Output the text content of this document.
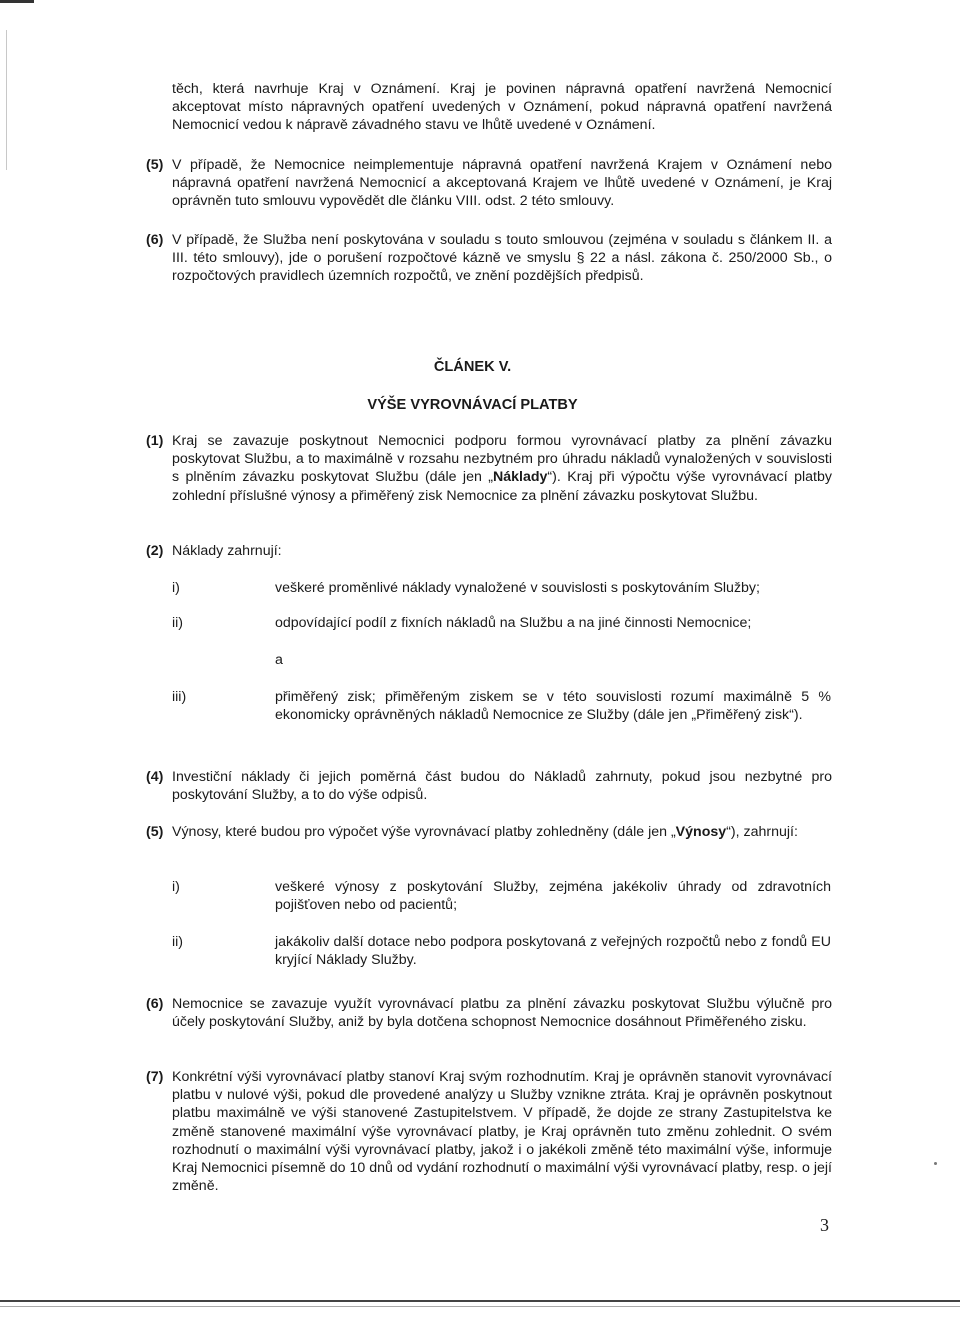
těch, která navrhuje Kraj v Oznámení. Kraj je povinen nápravná opatření navržená Nemocnicí akceptovat místo nápravných opatření uvedených v Oznámení, pokud nápravná opatření navržená Nemocnicí vedou k nápravě závadného stavu ve lhůtě uvedené v Oznámení.

(5) V případě, že Nemocnice neimplementuje nápravná opatření navržená Krajem v Oznámení nebo nápravná opatření navržená Nemocnicí a akceptovaná Krajem ve lhůtě uvedené v Oznámení, je Kraj oprávněn tuto smlouvu vypovědět dle článku VIII. odst. 2 této smlouvy.

(6) V případě, že Služba není poskytována v souladu s touto smlouvou (zejména v souladu s článkem II. a III. této smlouvy), jde o porušení rozpočtové kázně ve smyslu § 22 a násl. zákona č. 250/2000 Sb., o rozpočtových pravidlech územních rozpočtů, ve znění pozdějších předpisů.

ČLÁNEK V.
VÝŠE VYROVNÁVACÍ PLATBY
(1) Kraj se zavazuje poskytnout Nemocnici podporu formou vyrovnávací platby za plnění závazku poskytovat Službu, a to maximálně v rozsahu nezbytném pro úhradu nákladů vynaložených v souvislosti s plněním závazku poskytovat Službu (dále jen „Náklady“). Kraj při výpočtu výše vyrovnávací platby zohlední příslušné výnosy a přiměřený zisk Nemocnice za plnění závazku poskytovat Službu.

(2) Náklady zahrnují:

i)	veškeré proměnlivé náklady vynaložené v souvislosti s poskytováním Služby;
ii)	odpovídající podíl z fixních nákladů na Službu a na jiné činnosti Nemocnice;
a
iii)	přiměřený zisk; přiměřeným ziskem se v této souvislosti rozumí maximálně 5 % ekonomicky oprávněných nákladů Nemocnice ze Služby (dále jen „Přiměřený zisk“).
(4) Investiční náklady či jejich poměrná část budou do Nákladů zahrnuty, pokud jsou nezbytné pro poskytování Služby, a to do výše odpisů.

(5) Výnosy, které budou pro výpočet výše vyrovnávací platby zohledněny (dále jen „Výnosy“), zahrnují:

i)	veškeré výnosy z poskytování Služby, zejména jakékoliv úhrady od zdravotních pojišťoven nebo od pacientů;
ii)	jakákoliv další dotace nebo podpora poskytovaná z veřejných rozpočtů nebo z fondů EU kryjící Náklady Služby.
(6) Nemocnice se zavazuje využít vyrovnávací platbu za plnění závazku poskytovat Službu výlučně pro účely poskytování Služby, aniž by byla dotčena schopnost Nemocnice dosáhnout Přiměřeného zisku.

(7) Konkrétní výši vyrovnávací platby stanoví Kraj svým rozhodnutím. Kraj je oprávněn stanovit vyrovnávací platbu v nulové výši, pokud dle provedené analýzy u Služby vznikne ztráta. Kraj je oprávněn poskytnout platbu maximálně ve výši stanovené Zastupitelstvem. V případě, že dojde ze strany Zastupitelstva ke změně stanovené maximální výše vyrovnávací platby, je Kraj oprávněn tuto změnu zohlednit. O svém rozhodnutí o maximální výši vyrovnávací platby, jakož i o jakékoli změně této maximální výše, informuje Kraj Nemocnici písemně do 10 dnů od vydání rozhodnutí o maximální výši vyrovnávací platby, resp. o její změně.

3
